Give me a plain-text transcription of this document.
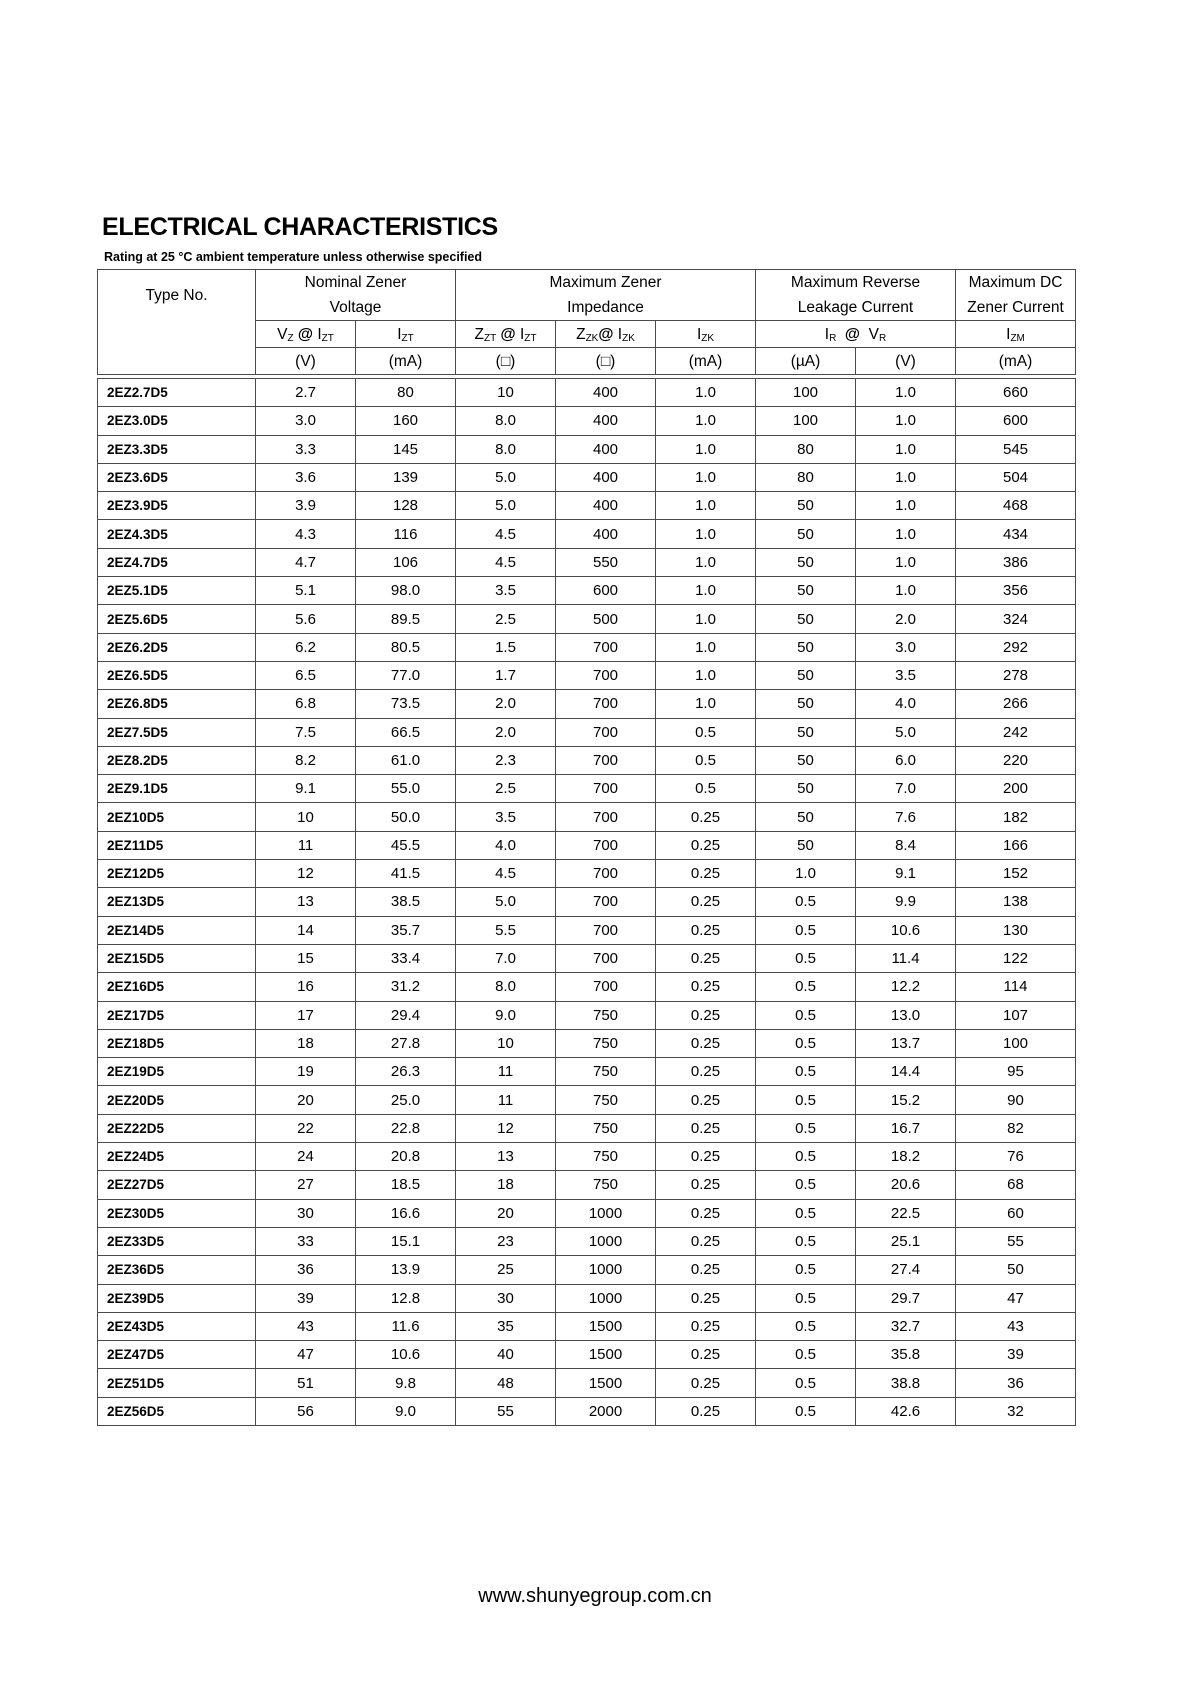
ELECTRICAL CHARACTERISTICS
Rating at 25 °C ambient temperature unless otherwise specified
Type No.	Nominal Zener		Maximum Zener			Maximum Reverse		Maximum DC
	Voltage		Impedance			Leakage Current		Zener Current
	$V_Z$ @ $I_{ZT}$	$I_{ZT}$	$Z_{ZT}$ @ $I_{ZT}$	$Z_{ZK}@$ $I_{ZK}$	$I_{ZK}$	$I_R$ @ $V_R$		$I_{ZM}$
	(V)	(mA)	(□)	(□)	(mA)	(µA)	(V)	(mA)

2EZ2.7D5	2.7	80	10	400	1.0	100	1.0	660
2EZ3.0D5	3.0	160	8.0	400	1.0	100	1.0	600
2EZ3.3D5	3.3	145	8.0	400	1.0	80	1.0	545
2EZ3.6D5	3.6	139	5.0	400	1.0	80	1.0	504
2EZ3.9D5	3.9	128	5.0	400	1.0	50	1.0	468
2EZ4.3D5	4.3	116	4.5	400	1.0	50	1.0	434
2EZ4.7D5	4.7	106	4.5	550	1.0	50	1.0	386
2EZ5.1D5	5.1	98.0	3.5	600	1.0	50	1.0	356
2EZ5.6D5	5.6	89.5	2.5	500	1.0	50	2.0	324
2EZ6.2D5	6.2	80.5	1.5	700	1.0	50	3.0	292
2EZ6.5D5	6.5	77.0	1.7	700	1.0	50	3.5	278
2EZ6.8D5	6.8	73.5	2.0	700	1.0	50	4.0	266
2EZ7.5D5	7.5	66.5	2.0	700	0.5	50	5.0	242
2EZ8.2D5	8.2	61.0	2.3	700	0.5	50	6.0	220
2EZ9.1D5	9.1	55.0	2.5	700	0.5	50	7.0	200
2EZ10D5	10	50.0	3.5	700	0.25	50	7.6	182
2EZ11D5	11	45.5	4.0	700	0.25	50	8.4	166
2EZ12D5	12	41.5	4.5	700	0.25	1.0	9.1	152
2EZ13D5	13	38.5	5.0	700	0.25	0.5	9.9	138
2EZ14D5	14	35.7	5.5	700	0.25	0.5	10.6	130
2EZ15D5	15	33.4	7.0	700	0.25	0.5	11.4	122
2EZ16D5	16	31.2	8.0	700	0.25	0.5	12.2	114
2EZ17D5	17	29.4	9.0	750	0.25	0.5	13.0	107
2EZ18D5	18	27.8	10	750	0.25	0.5	13.7	100
2EZ19D5	19	26.3	11	750	0.25	0.5	14.4	95
2EZ20D5	20	25.0	11	750	0.25	0.5	15.2	90
2EZ22D5	22	22.8	12	750	0.25	0.5	16.7	82
2EZ24D5	24	20.8	13	750	0.25	0.5	18.2	76
2EZ27D5	27	18.5	18	750	0.25	0.5	20.6	68
2EZ30D5	30	16.6	20	1000	0.25	0.5	22.5	60
2EZ33D5	33	15.1	23	1000	0.25	0.5	25.1	55
2EZ36D5	36	13.9	25	1000	0.25	0.5	27.4	50
2EZ39D5	39	12.8	30	1000	0.25	0.5	29.7	47
2EZ43D5	43	11.6	35	1500	0.25	0.5	32.7	43
2EZ47D5	47	10.6	40	1500	0.25	0.5	35.8	39
2EZ51D5	51	9.8	48	1500	0.25	0.5	38.8	36
2EZ56D5	56	9.0	55	2000	0.25	0.5	42.6	32
www.shunyegroup.com.cn
